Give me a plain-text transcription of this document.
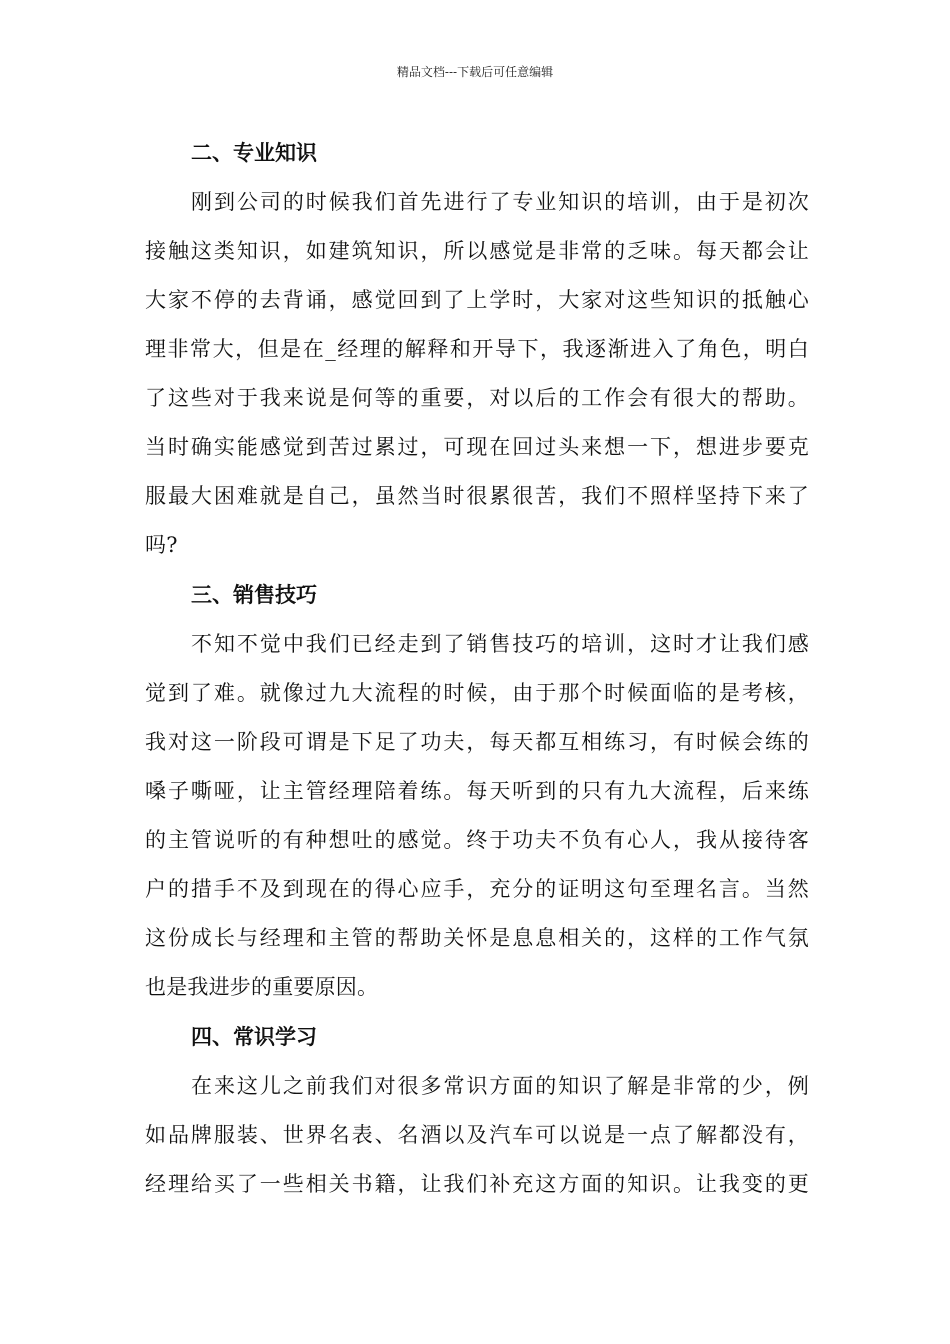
精品文档---下载后可任意编辑
二、专业知识

刚到公司的时候我们首先进行了专业知识的培训，由于是初次
接触这类知识，如建筑知识，所以感觉是非常的乏味。每天都会让
大家不停的去背诵，感觉回到了上学时，大家对这些知识的抵触心
理非常大，但是在_经理的解释和开导下，我逐渐进入了角色，明白
了这些对于我来说是何等的重要，对以后的工作会有很大的帮助。
当时确实能感觉到苦过累过，可现在回过头来想一下，想进步要克
服最大困难就是自己，虽然当时很累很苦，我们不照样坚持下来了
吗?

三、销售技巧

不知不觉中我们已经走到了销售技巧的培训，这时才让我们感
觉到了难。就像过九大流程的时候，由于那个时候面临的是考核，
我对这一阶段可谓是下足了功夫，每天都互相练习，有时候会练的
嗓子嘶哑，让主管经理陪着练。每天听到的只有九大流程，后来练
的主管说听的有种想吐的感觉。终于功夫不负有心人，我从接待客
户的措手不及到现在的得心应手，充分的证明这句至理名言。当然
这份成长与经理和主管的帮助关怀是息息相关的，这样的工作气氛
也是我进步的重要原因。

四、常识学习

在来这儿之前我们对很多常识方面的知识了解是非常的少，例
如品牌服装、世界名表、名酒以及汽车可以说是一点了解都没有，
经理给买了一些相关书籍，让我们补充这方面的知识。让我变的更
